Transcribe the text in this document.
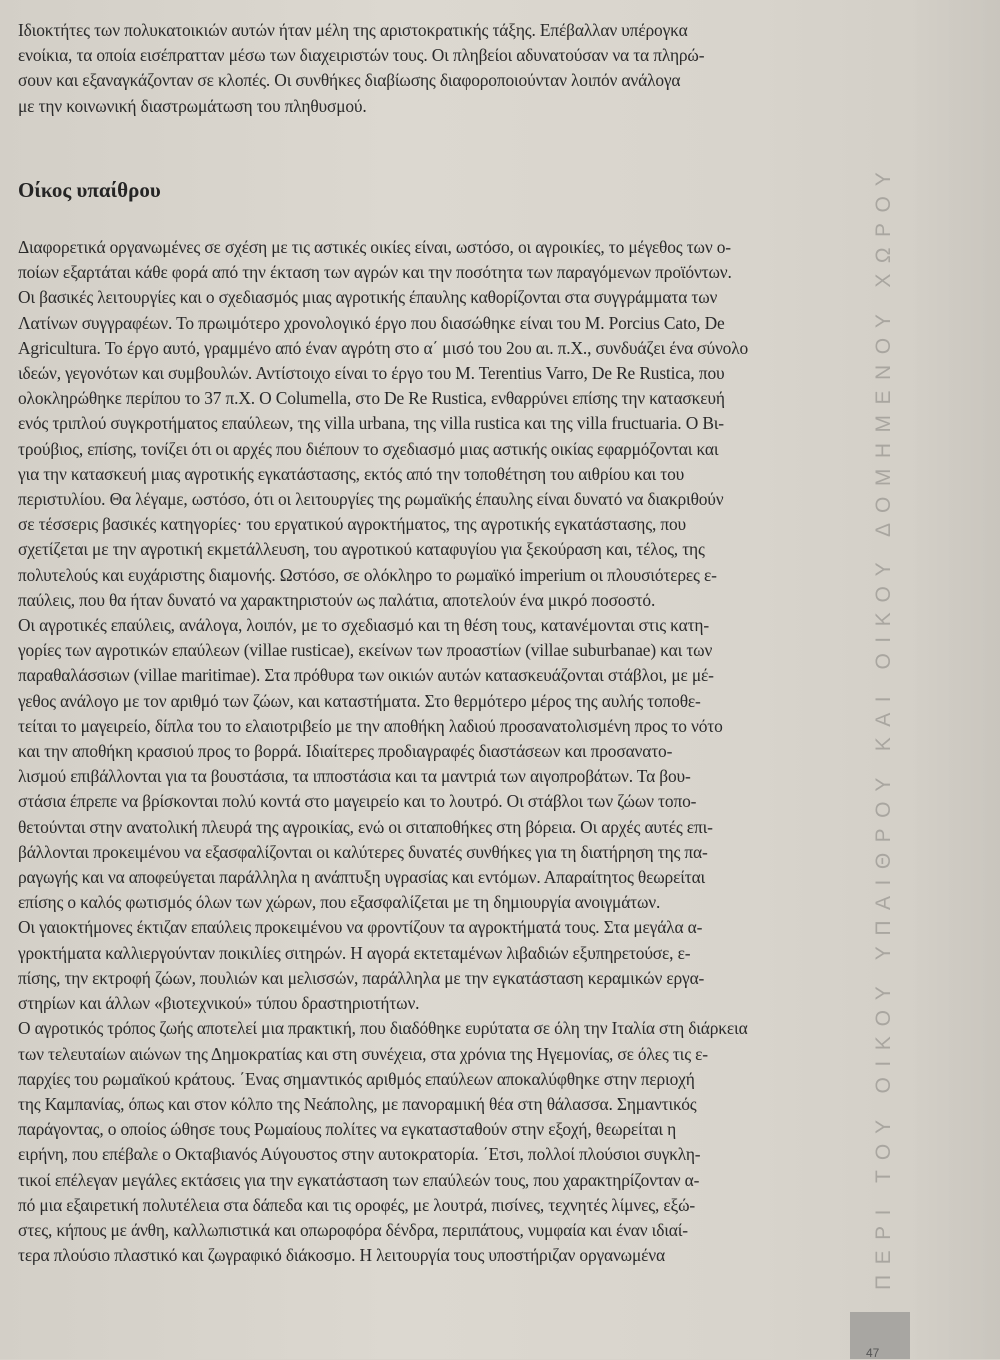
Ιδιοκτήτες των πολυκατοικιών αυτών ήταν μέλη της αριστοκρατικής τάξης. Επέβαλλαν υπέρογκα
ενοίκια, τα οποία εισέπρατταν μέσω των διαχειριστών τους. Οι πληβείοι αδυνατούσαν να τα πληρώ-
σουν και εξαναγκάζονταν σε κλοπές. Οι συνθήκες διαβίωσης διαφοροποιούνταν λοιπόν ανάλογα
με την κοινωνική διαστρωμάτωση του πληθυσμού.
Οίκος υπαίθρου
Διαφορετικά οργανωμένες σε σχέση με τις αστικές οικίες είναι, ωστόσο, οι αγροικίες, το μέγεθος των ο-
ποίων εξαρτάται κάθε φορά από την έκταση των αγρών και την ποσότητα των παραγόμενων προϊόντων.
Οι βασικές λειτουργίες και ο σχεδιασμός μιας αγροτικής έπαυλης καθορίζονται στα συγγράμματα των
Λατίνων συγγραφέων. Το πρωιμότερο χρονολογικό έργο που διασώθηκε είναι του M. Porcius Cato, De
Agricultura. Το έργο αυτό, γραμμένο από έναν αγρότη στο α΄ μισό του 2ου αι. π.Χ., συνδυάζει ένα σύνολο
ιδεών, γεγονότων και συμβουλών. Αντίστοιχο είναι το έργο του M. Terentius Varro, De Re Rustica, που
ολοκληρώθηκε περίπου το 37 π.Χ. Ο Columella, στο De Re Rustica, ενθαρρύνει επίσης την κατασκευή
ενός τριπλού συγκροτήματος επαύλεων, της villa urbana, της villa rustica και της villa fructuaria. Ο Βι-
τρούβιος, επίσης, τονίζει ότι οι αρχές που διέπουν το σχεδιασμό μιας αστικής οικίας εφαρμόζονται και
για την κατασκευή μιας αγροτικής εγκατάστασης, εκτός από την τοποθέτηση του αιθρίου και του
περιστυλίου. Θα λέγαμε, ωστόσο, ότι οι λειτουργίες της ρωμαϊκής έπαυλης είναι δυνατό να διακριθούν
σε τέσσερις βασικές κατηγορίες· του εργατικού αγροκτήματος, της αγροτικής εγκατάστασης, που
σχετίζεται με την αγροτική εκμετάλλευση, του αγροτικού καταφυγίου για ξεκούραση και, τέλος, της
πολυτελούς και ευχάριστης διαμονής. Ωστόσο, σε ολόκληρο το ρωμαϊκό imperium οι πλουσιότερες ε-
παύλεις, που θα ήταν δυνατό να χαρακτηριστούν ως παλάτια, αποτελούν ένα μικρό ποσοστό.
Οι αγροτικές επαύλεις, ανάλογα, λοιπόν, με το σχεδιασμό και τη θέση τους, κατανέμονται στις κατη-
γορίες των αγροτικών επαύλεων (villae rusticae), εκείνων των προαστίων (villae suburbanae) και των
παραθαλάσσιων (villae maritimae). Στα πρόθυρα των οικιών αυτών κατασκευάζονται στάβλοι, με μέ-
γεθος ανάλογο με τον αριθμό των ζώων, και καταστήματα. Στο θερμότερο μέρος της αυλής τοποθε-
τείται το μαγειρείο, δίπλα του το ελαιοτριβείο με την αποθήκη λαδιού προσανατολισμένη προς το νότο
και την αποθήκη κρασιού προς το βορρά. Ιδιαίτερες προδιαγραφές διαστάσεων και προσανατο-
λισμού επιβάλλονται για τα βουστάσια, τα ιπποστάσια και τα μαντριά των αιγοπροβάτων. Τα βου-
στάσια έπρεπε να βρίσκονται πολύ κοντά στο μαγειρείο και το λουτρό. Οι στάβλοι των ζώων τοπο-
θετούνται στην ανατολική πλευρά της αγροικίας, ενώ οι σιταποθήκες στη βόρεια. Οι αρχές αυτές επι-
βάλλονται προκειμένου να εξασφαλίζονται οι καλύτερες δυνατές συνθήκες για τη διατήρηση της πα-
ραγωγής και να αποφεύγεται παράλληλα η ανάπτυξη υγρασίας και εντόμων. Απαραίτητος θεωρείται
επίσης ο καλός φωτισμός όλων των χώρων, που εξασφαλίζεται με τη δημιουργία ανοιγμάτων.
Οι γαιοκτήμονες έκτιζαν επαύλεις προκειμένου να φροντίζουν τα αγροκτήματά τους. Στα μεγάλα α-
γροκτήματα καλλιεργούνταν ποικιλίες σιτηρών. Η αγορά εκτεταμένων λιβαδιών εξυπηρετούσε, ε-
πίσης, την εκτροφή ζώων, πουλιών και μελισσών, παράλληλα με την εγκατάσταση κεραμικών εργα-
στηρίων και άλλων «βιοτεχνικού» τύπου δραστηριοτήτων.
Ο αγροτικός τρόπος ζωής αποτελεί μια πρακτική, που διαδόθηκε ευρύτατα σε όλη την Ιταλία στη διάρκεια
των τελευταίων αιώνων της Δημοκρατίας και στη συνέχεια, στα χρόνια της Ηγεμονίας, σε όλες τις ε-
παρχίες του ρωμαϊκού κράτους. ΄Ενας σημαντικός αριθμός επαύλεων αποκαλύφθηκε στην περιοχή
της Καμπανίας, όπως και στον κόλπο της Νεάπολης, με πανοραμική θέα στη θάλασσα. Σημαντικός
παράγοντας, ο οποίος ώθησε τους Ρωμαίους πολίτες να εγκατασταθούν στην εξοχή, θεωρείται η
ειρήνη, που επέβαλε ο Οκταβιανός Αύγουστος στην αυτοκρατορία. ΄Ετσι, πολλοί πλούσιοι συγκλη-
τικοί επέλεγαν μεγάλες εκτάσεις για την εγκατάσταση των επαύλεών τους, που χαρακτηρίζονταν α-
πό μια εξαιρετική πολυτέλεια στα δάπεδα και τις οροφές, με λουτρά, πισίνες, τεχνητές λίμνες, εξώ-
στες, κήπους με άνθη, καλλωπιστικά και οπωροφόρα δένδρα, περιπάτους, νυμφαία και έναν ιδιαί-
τερα πλούσιο πλαστικό και ζωγραφικό διάκοσμο. Η λειτουργία τους υποστήριζαν οργανωμένα	ΠΕΡΙ ΤΟΥ ΟΙΚΟΥ ΥΠΑΙΘΡΟΥ ΚΑΙ ΟΙΚΟΥ ΔΟΜΗΜΕΝΟΥ ΧΩΡΟΥ
47
